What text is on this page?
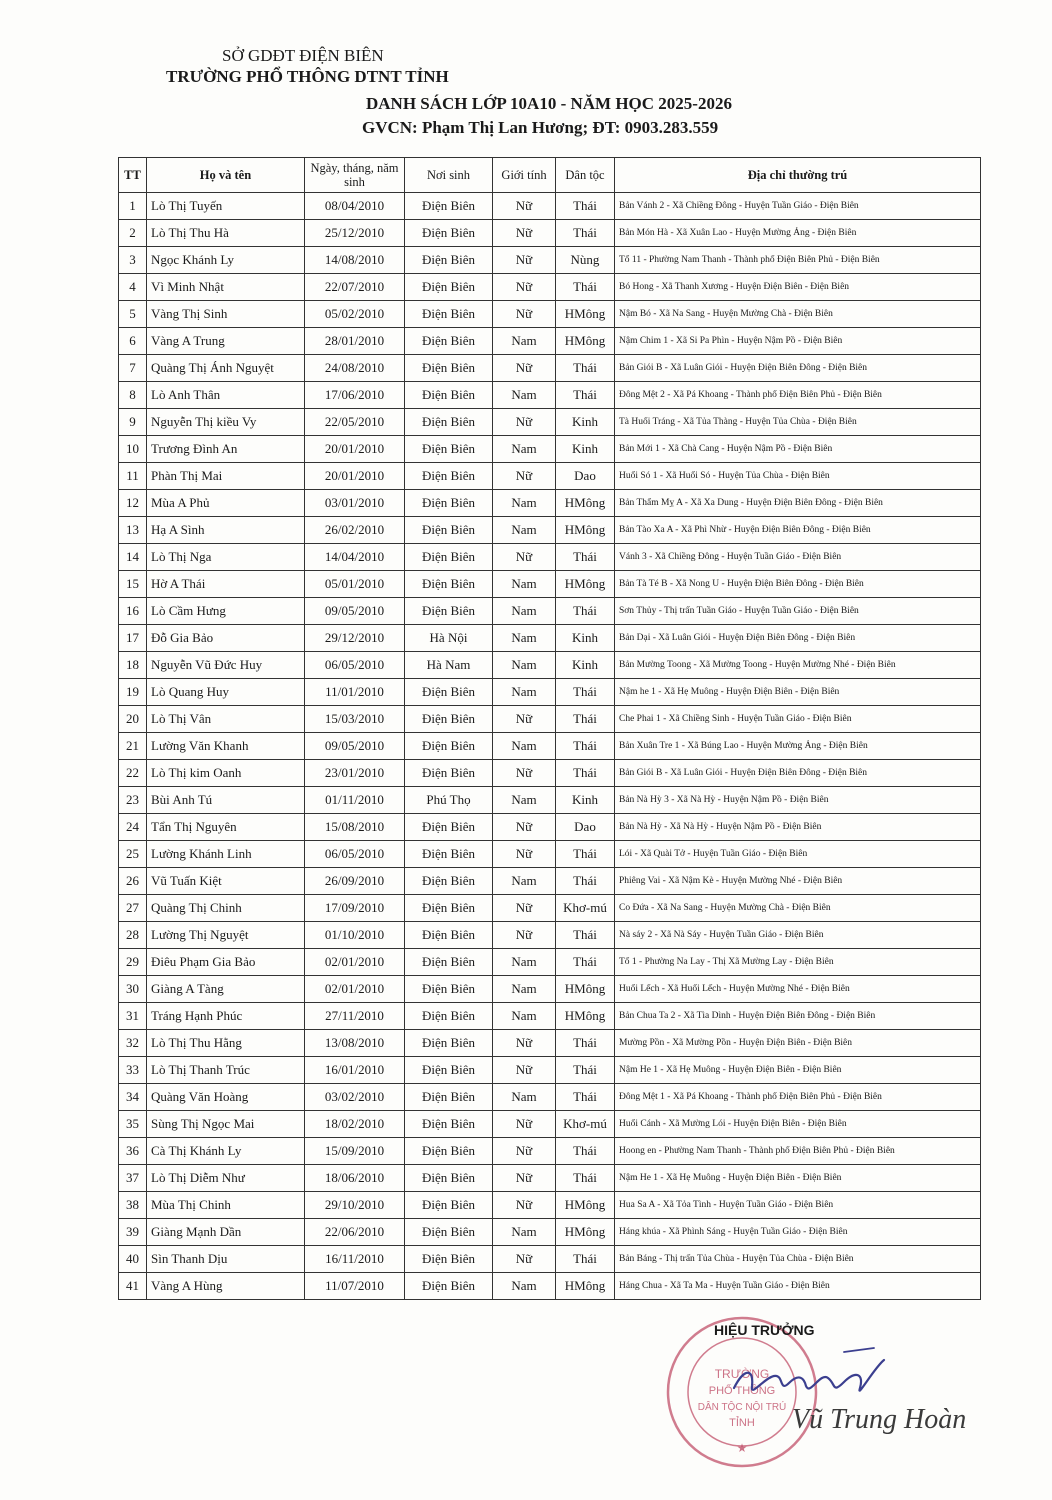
SỞ GDĐT ĐIỆN BIÊN
TRƯỜNG PHỔ THÔNG DTNT TỈNH
DANH SÁCH LỚP 10A10 - NĂM HỌC 2025-2026
GVCN: Phạm Thị Lan Hương; ĐT: 0903.283.559
TT	Họ và tên	Ngày, tháng, năm sinh	Nơi sinh	Giới tính	Dân tộc	Địa chỉ thường trú
1	Lò Thị Tuyến	08/04/2010	Điện Biên	Nữ	Thái	Bản Vánh 2 - Xã Chiềng Đông - Huyện Tuần Giáo - Điện Biên
2	Lò Thị Thu Hà	25/12/2010	Điện Biên	Nữ	Thái	Bản Món Hà - Xã Xuân Lao - Huyện Mường Ảng - Điện Biên
3	Ngọc Khánh Ly	14/08/2010	Điện Biên	Nữ	Nùng	Tổ 11 - Phường Nam Thanh - Thành phố Điện Biên Phủ - Điện Biên
4	Vì Minh Nhật	22/07/2010	Điện Biên	Nữ	Thái	Bó Hong - Xã Thanh Xương - Huyện Điện Biên - Điện Biên
5	Vàng Thị Sinh	05/02/2010	Điện Biên	Nữ	HMông	Nậm Bó - Xã Na Sang - Huyện Mường Chà - Điện Biên
6	Vàng A Trung	28/01/2010	Điện Biên	Nam	HMông	Nậm Chim 1 - Xã Si Pa Phìn - Huyện Nậm Pồ - Điện Biên
7	Quàng Thị Ánh Nguyệt	24/08/2010	Điện Biên	Nữ	Thái	Bản Giói B - Xã Luân Giói - Huyện Điện Biên Đông - Điện Biên
8	Lò Anh Thân	17/06/2010	Điện Biên	Nam	Thái	Đông Mệt 2 - Xã Pá Khoang - Thành phố Điện Biên Phủ - Điện Biên
9	Nguyễn Thị kiều Vy	22/05/2010	Điện Biên	Nữ	Kinh	Tà Huối Tráng - Xã Tủa Thàng - Huyện Tủa Chùa - Điện Biên
10	Trương Đình An	20/01/2010	Điện Biên	Nam	Kinh	Bản Mới 1 - Xã Chà Cang - Huyện Nậm Pồ - Điện Biên
11	Phàn Thị Mai	20/01/2010	Điện Biên	Nữ	Dao	Huổi Só 1 - Xã Huổi Só - Huyện Tủa Chùa - Điện Biên
12	Mùa A Phủ	03/01/2010	Điện Biên	Nam	HMông	Bản Thẩm Mỵ A - Xã Xa Dung - Huyện Điện Biên Đông - Điện Biên
13	Hạ A Sình	26/02/2010	Điện Biên	Nam	HMông	Bản Tào Xa A - Xã Phì Nhừ - Huyện Điện Biên Đông - Điện Biên
14	Lò Thị Nga	14/04/2010	Điện Biên	Nữ	Thái	Vánh 3 - Xã Chiềng Đông - Huyện Tuần Giáo - Điện Biên
15	Hờ A Thái	05/01/2010	Điện Biên	Nam	HMông	Bản Tà Té B - Xã Nong U - Huyện Điện Biên Đông - Điện Biên
16	Lò Cầm Hưng	09/05/2010	Điện Biên	Nam	Thái	Sơn Thủy - Thị trấn Tuần Giáo - Huyện Tuần Giáo - Điện Biên
17	Đỗ Gia Bảo	29/12/2010	Hà Nội	Nam	Kinh	Bản Dại - Xã Luân Giói - Huyện Điện Biên Đông - Điện Biên
18	Nguyễn Vũ Đức Huy	06/05/2010	Hà Nam	Nam	Kinh	Bản Mường Toong - Xã Mường Toong - Huyện Mường Nhé - Điện Biên
19	Lò Quang Huy	11/01/2010	Điện Biên	Nam	Thái	Nậm he 1 - Xã Hẹ Muông - Huyện Điện Biên - Điện Biên
20	Lò Thị Vân	15/03/2010	Điện Biên	Nữ	Thái	Che Phai 1 - Xã Chiềng Sinh - Huyện Tuần Giáo - Điện Biên
21	Lường Văn Khanh	09/05/2010	Điện Biên	Nam	Thái	Bản Xuân Tre 1 - Xã Búng Lao - Huyện Mường Ảng - Điện Biên
22	Lò Thị kim Oanh	23/01/2010	Điện Biên	Nữ	Thái	Bản Giói B - Xã Luân Giói - Huyện Điện Biên Đông - Điện Biên
23	Bùi Anh Tú	01/11/2010	Phú Thọ	Nam	Kinh	Bản Nà Hỳ 3 - Xã Nà Hỳ - Huyện Nậm Pồ - Điện Biên
24	Tẩn Thị Nguyên	15/08/2010	Điện Biên	Nữ	Dao	Bản Nà Hỳ - Xã Nà Hỳ - Huyện Nậm Pồ - Điện Biên
25	Lường Khánh Linh	06/05/2010	Điện Biên	Nữ	Thái	Lói - Xã Quài Tở - Huyện Tuần Giáo - Điện Biên
26	Vũ Tuấn Kiệt	26/09/2010	Điện Biên	Nam	Thái	Phiêng Vai - Xã Nậm Kè - Huyện Mường Nhé - Điện Biên
27	Quàng Thị Chinh	17/09/2010	Điện Biên	Nữ	Khơ-mú	Co Đứa - Xã Na Sang - Huyện Mường Chà - Điện Biên
28	Lường Thị Nguyệt	01/10/2010	Điện Biên	Nữ	Thái	Nà sáy 2 - Xã Nà Sáy - Huyện Tuần Giáo - Điện Biên
29	Điêu Phạm Gia Bảo	02/01/2010	Điện Biên	Nam	Thái	Tổ 1 - Phường Na Lay - Thị Xã Mường Lay - Điện Biên
30	Giàng A Tàng	02/01/2010	Điện Biên	Nam	HMông	Huổi Lếch - Xã Huổi Lếch - Huyện Mường Nhé - Điện Biên
31	Tráng Hạnh Phúc	27/11/2010	Điện Biên	Nam	HMông	Bản Chua Ta 2 - Xã Tìa Dình - Huyện Điện Biên Đông - Điện Biên
32	Lò Thị Thu Hằng	13/08/2010	Điện Biên	Nữ	Thái	Mường Pồn - Xã Mường Pồn - Huyện Điện Biên - Điện Biên
33	Lò Thị Thanh Trúc	16/01/2010	Điện Biên	Nữ	Thái	Nậm He 1 - Xã Hẹ Muông - Huyện Điện Biên - Điện Biên
34	Quàng Văn Hoàng	03/02/2010	Điện Biên	Nam	Thái	Đông Mệt 1 - Xã Pá Khoang - Thành phố Điện Biên Phủ - Điện Biên
35	Sùng Thị Ngọc Mai	18/02/2010	Điện Biên	Nữ	Khơ-mú	Huổi Cánh - Xã Mường Lói - Huyện Điện Biên - Điện Biên
36	Cà Thị Khánh Ly	15/09/2010	Điện Biên	Nữ	Thái	Hoong en - Phường Nam Thanh - Thành phố Điện Biên Phủ - Điện Biên
37	Lò Thị Diễm Như	18/06/2010	Điện Biên	Nữ	Thái	Nậm He 1 - Xã Hẹ Muông - Huyện Điện Biên - Điện Biên
38	Mùa Thị Chinh	29/10/2010	Điện Biên	Nữ	HMông	Hua Sa A - Xã Tỏa Tình - Huyện Tuần Giáo - Điện Biên
39	Giàng Mạnh Dần	22/06/2010	Điện Biên	Nam	HMông	Háng khúa - Xã Phình Sáng - Huyện Tuần Giáo - Điện Biên
40	Sìn Thanh Dịu	16/11/2010	Điện Biên	Nữ	Thái	Bản Báng - Thị trấn Tủa Chùa - Huyện Tủa Chùa - Điện Biên
41	Vàng A Hùng	11/07/2010	Điện Biên	Nam	HMông	Háng Chua - Xã Ta Ma - Huyện Tuần Giáo - Điện Biên
TRƯỜNG
PHỔ THÔNG
DÂN TỘC NỘI TRÚ
TỈNH
★
HIỆU TRƯỞNG
Vũ Trung Hoàn
